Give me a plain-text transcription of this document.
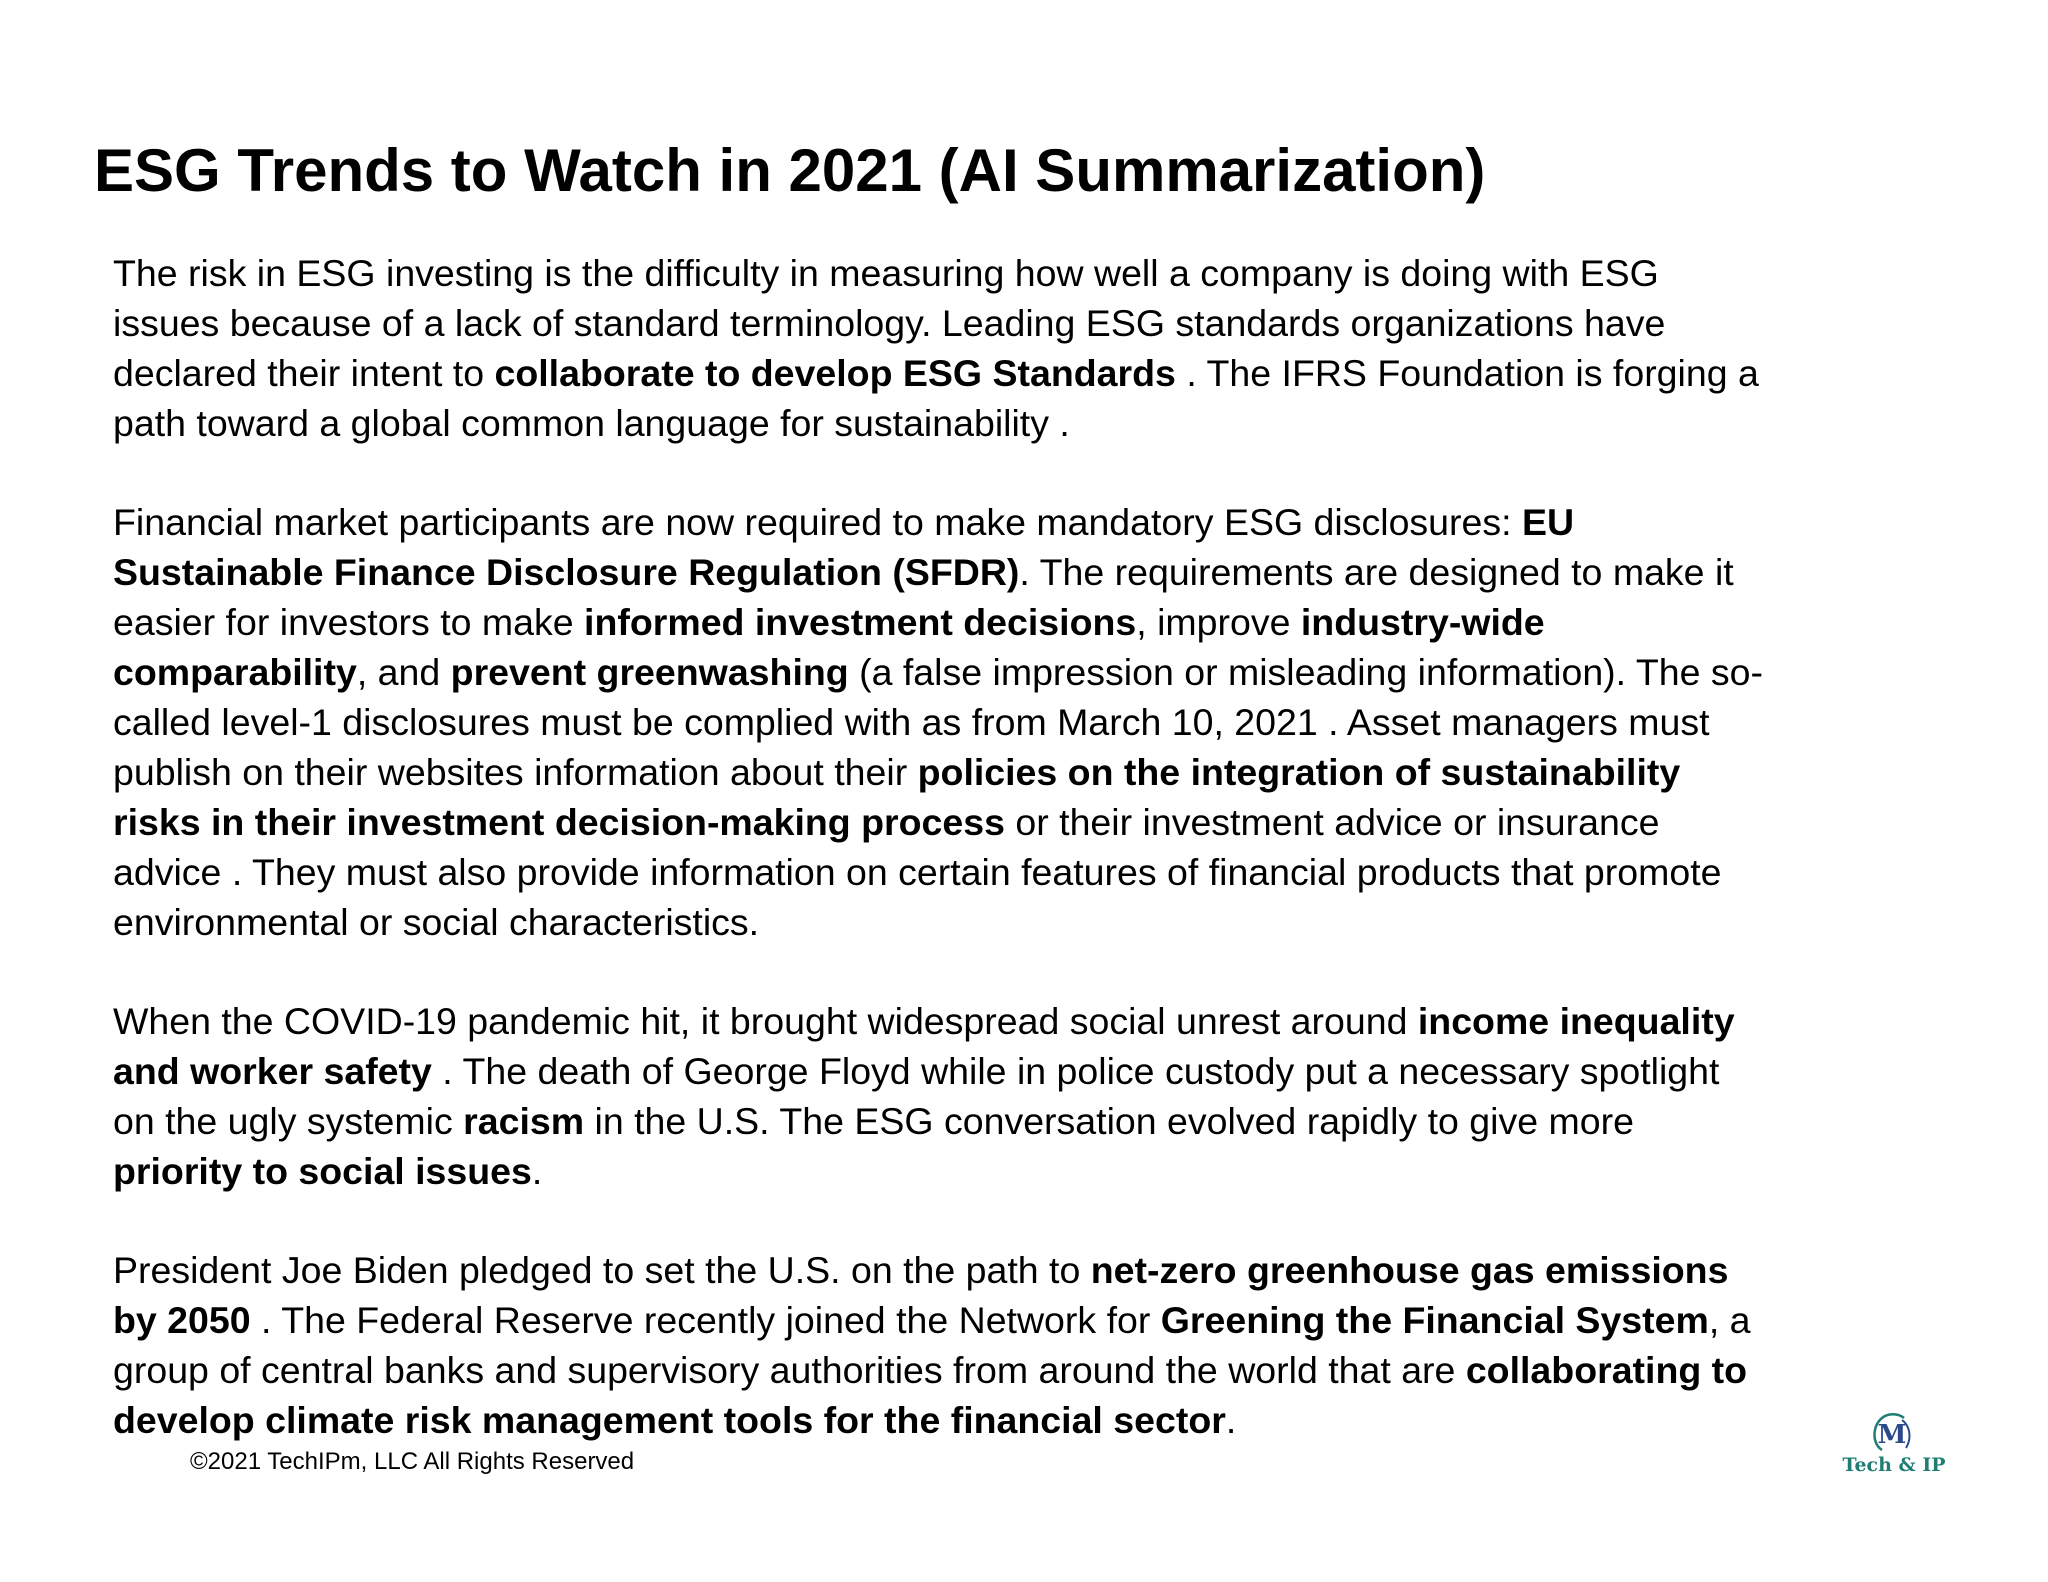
ESG Trends to Watch in 2021 (AI Summarization)

The risk in ESG investing is the difficulty in measuring how well a company is doing with ESG
issues because of a lack of standard terminology. Leading ESG standards organizations have
declared their intent to collaborate to develop ESG Standards . The IFRS Foundation is forging a
path toward a global common language for sustainability .

Financial market participants are now required to make mandatory ESG disclosures: EU
Sustainable Finance Disclosure Regulation (SFDR). The requirements are designed to make it
easier for investors to make informed investment decisions, improve industry-wide
comparability, and prevent greenwashing (a false impression or misleading information). The so-
called level-1 disclosures must be complied with as from March 10, 2021 . Asset managers must
publish on their websites information about their policies on the integration of sustainability
risks in their investment decision-making process or their investment advice or insurance
advice . They must also provide information on certain features of financial products that promote
environmental or social characteristics.

When the COVID-19 pandemic hit, it brought widespread social unrest around income inequality
and worker safety . The death of George Floyd while in police custody put a necessary spotlight
on the ugly systemic racism in the U.S. The ESG conversation evolved rapidly to give more
priority to social issues.

President Joe Biden pledged to set the U.S. on the path to net-zero greenhouse gas emissions
by 2050 . The Federal Reserve recently joined the Network for Greening the Financial System, a
group of central banks and supervisory authorities from around the world that are collaborating to
develop climate risk management tools for the financial sector.

©2021 TechIPm, LLC All Rights Reserved
M
Tech & IP
